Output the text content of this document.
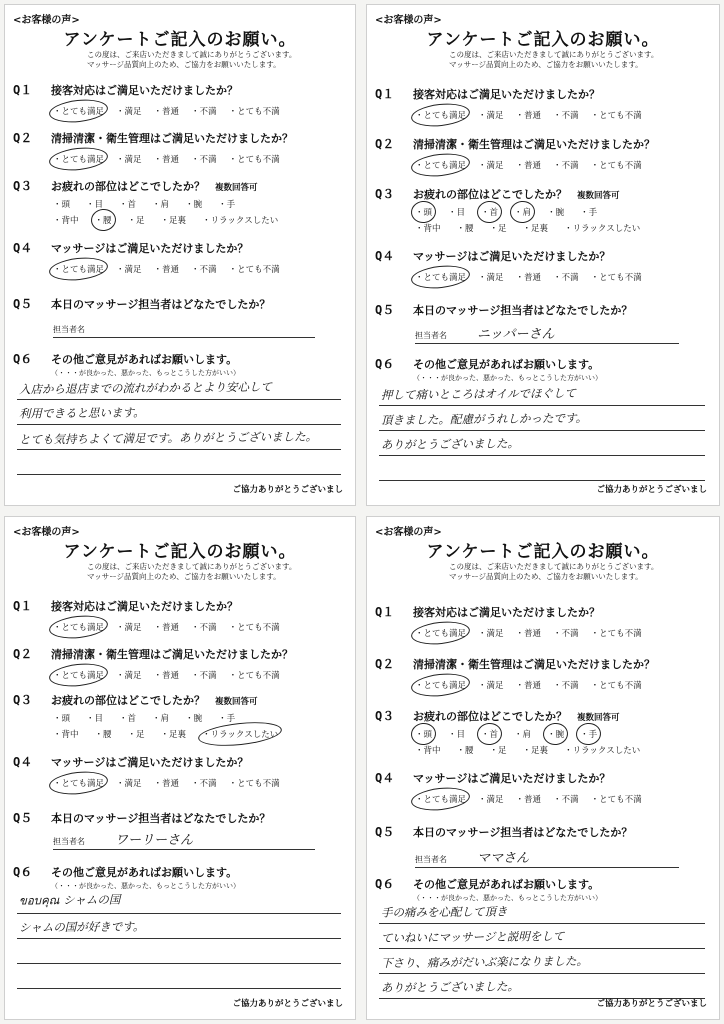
<お客様の声>
アンケートご記入のお願い。
この度は、ご来店いただきまして誠にありがとうございます。
マッサージ品質向上のため、ご協力をお願いいたします。
Q１	接客対応はご満足いただけましたか？
・とても満足 ・満足 ・普通 ・不満 ・とても不満
Q２	清掃清潔・衛生管理はご満足いただけましたか？
・とても満足 ・満足 ・普通 ・不満 ・とても不満
Q３	お疲れの部位はどこでしたか？ 複数回答可
・頭 ・目 ・首 ・肩 ・腕 ・手
・背中 ・腰 ・足 ・足裏 ・リラックスしたい
Q４	マッサージはご満足いただけましたか？
・とても満足 ・満足 ・普通 ・不満 ・とても不満
Q５	本日のマッサージ担当者はどなたでしたか？
担当者名
Q６	その他ご意見があればお願いします。
（・・・が良かった、悪かった、もっとこうした方がいい）
入店から退店までの流れがわかるとより安心して
利用できると思います。
とても気持ちよくて満足です。ありがとうございました。
ご協力ありがとうございまし
<お客様の声>
アンケートご記入のお願い。
この度は、ご来店いただきまして誠にありがとうございます。
マッサージ品質向上のため、ご協力をお願いいたします。
Q１	接客対応はご満足いただけましたか？
・とても満足 ・満足 ・普通 ・不満 ・とても不満
Q２	清掃清潔・衛生管理はご満足いただけましたか？
・とても満足 ・満足 ・普通 ・不満 ・とても不満
Q３	お疲れの部位はどこでしたか？ 複数回答可
・頭 ・目 ・首 ・肩 ・腕 ・手
・背中 ・腰 ・足 ・足裏 ・リラックスしたい
Q４	マッサージはご満足いただけましたか？
・とても満足 ・満足 ・普通 ・不満 ・とても不満
Q５	本日のマッサージ担当者はどなたでしたか？
担当者名 ニッパーさん
Q６	その他ご意見があればお願いします。
（・・・が良かった、悪かった、もっとこうした方がいい）
押して痛いところはオイルでほぐして
頂きました。配慮がうれしかったです。
ありがとうございました。
ご協力ありがとうございまし
<お客様の声>
アンケートご記入のお願い。
この度は、ご来店いただきまして誠にありがとうございます。
マッサージ品質向上のため、ご協力をお願いいたします。
Q１	接客対応はご満足いただけましたか？
・とても満足 ・満足 ・普通 ・不満 ・とても不満
Q２	清掃清潔・衛生管理はご満足いただけましたか？
・とても満足 ・満足 ・普通 ・不満 ・とても不満
Q３	お疲れの部位はどこでしたか？ 複数回答可
・頭 ・目 ・首 ・肩 ・腕 ・手
・背中 ・腰 ・足 ・足裏 ・リラックスしたい
Q４	マッサージはご満足いただけましたか？
・とても満足 ・満足 ・普通 ・不満 ・とても不満
Q５	本日のマッサージ担当者はどなたでしたか？
担当者名 ワーリーさん
Q６	その他ご意見があればお願いします。
（・・・が良かった、悪かった、もっとこうした方がいい）
ขอบคุณ シャムの国
シャムの国が好きです。
ご協力ありがとうございまし
<お客様の声>
アンケートご記入のお願い。
この度は、ご来店いただきまして誠にありがとうございます。
マッサージ品質向上のため、ご協力をお願いいたします。
Q１	接客対応はご満足いただけましたか？
・とても満足 ・満足 ・普通 ・不満 ・とても不満
Q２	清掃清潔・衛生管理はご満足いただけましたか？
・とても満足 ・満足 ・普通 ・不満 ・とても不満
Q３	お疲れの部位はどこでしたか？ 複数回答可
・頭 ・目 ・首 ・肩 ・腕 ・手
・背中 ・腰 ・足 ・足裏 ・リラックスしたい
Q４	マッサージはご満足いただけましたか？
・とても満足 ・満足 ・普通 ・不満 ・とても不満
Q５	本日のマッサージ担当者はどなたでしたか？
担当者名 ママさん
Q６	その他ご意見があればお願いします。
（・・・が良かった、悪かった、もっとこうした方がいい）
手の痛みを心配して頂き
ていねいにマッサージと説明をして
下さり、痛みがだいぶ楽になりました。
ありがとうございました。
ご協力ありがとうございまし
